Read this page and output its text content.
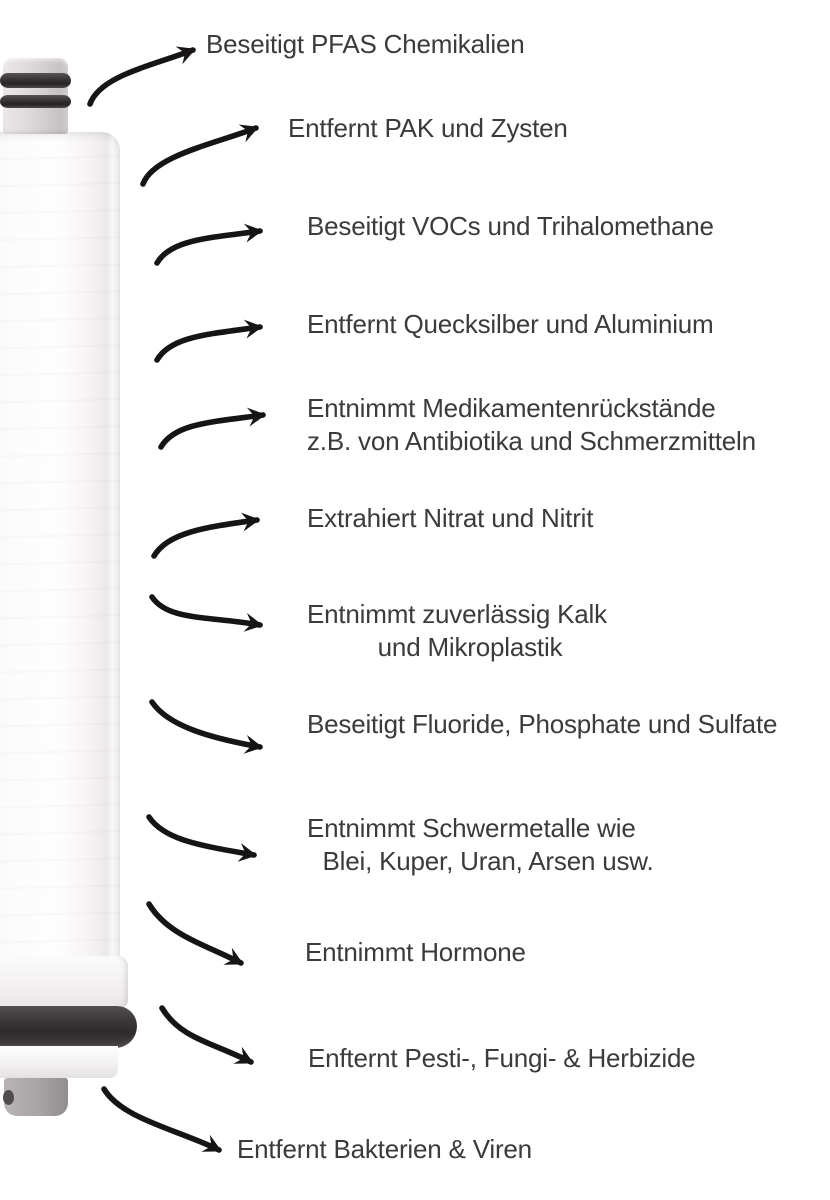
Beseitigt PFAS Chemikalien
Entfernt PAK und Zysten
Beseitigt VOCs und Trihalomethane
Entfernt Quecksilber und Aluminium
Entnimmt Medikamentenrückstände
z.B. von Antibiotika und Schmerzmitteln
Extrahiert Nitrat und Nitrit
Entnimmt zuverlässig Kalk
und Mikroplastik
Beseitigt Fluoride, Phosphate und Sulfate
Entnimmt Schwermetalle wie
Blei, Kuper, Uran, Arsen usw.
Entnimmt Hormone
Enfternt Pesti-, Fungi- & Herbizide
Entfernt Bakterien & Viren
